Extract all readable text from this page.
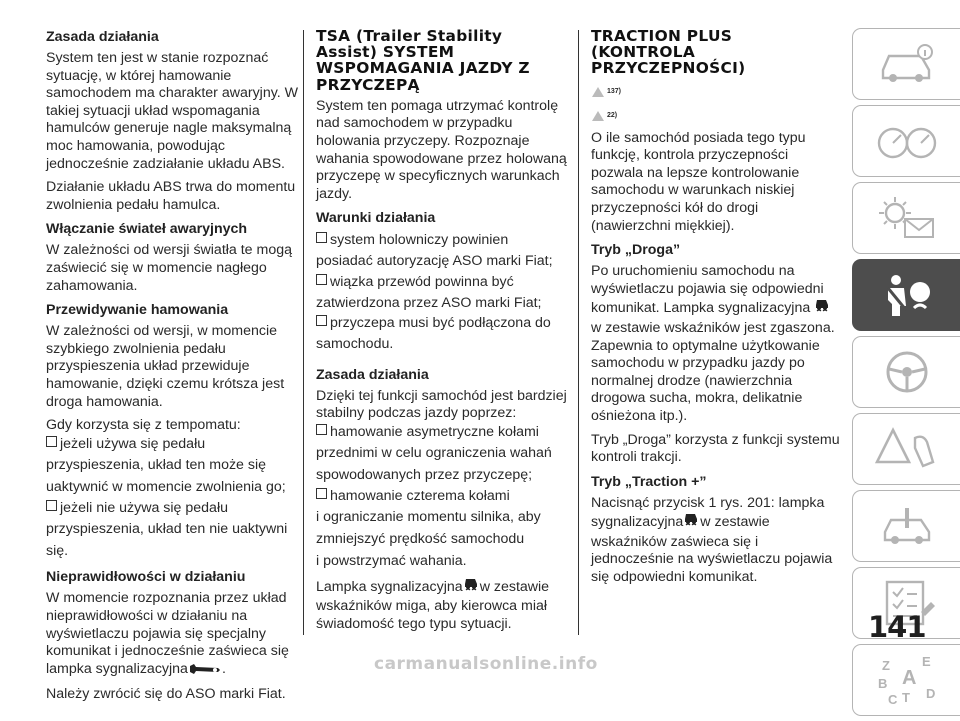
Zasada działania

System ten jest w stanie rozpoznać sytuację, w której hamowanie samochodem ma charakter awaryjny. W takiej sytuacji układ wspomagania hamulców generuje nagle maksymalną moc hamowania, powodując jednocześnie zadziałanie układu ABS.

Działanie układu ABS trwa do momentu zwolnienia pedału hamulca.

Włączanie świateł awaryjnych

W zależności od wersji światła te mogą zaświecić się w momencie nagłego zahamowania.

Przewidywanie hamowania

W zależności od wersji, w momencie szybkiego zwolnienia pedału przyspieszenia układ przewiduje hamowanie, dzięki czemu krótsza jest droga hamowania.

Gdy korzysta się z tempomatu:

jeżeli używa się pedału
przyspieszenia, układ ten może się
uaktywnić w momencie zwolnienia go;
jeżeli nie używa się pedału
przyspieszenia, układ ten nie uaktywni
się.
Nieprawidłowości w działaniu

W momencie rozpoznania przez układ nieprawidłowości w działaniu na wyświetlaczu pojawia się specjalny komunikat i jednocześnie zaświeca się lampka sygnalizacyjna .

Należy zwrócić się do ASO marki Fiat.

TSA (Trailer Stability Assist) SYSTEM WSPOMAGANIA JAZDY Z PRZYCZEPĄ

System ten pomaga utrzymać kontrolę nad samochodem w przypadku holowania przyczepy. Rozpoznaje wahania spowodowane przez holowaną przyczepę w specyficznych warunkach jazdy.

Warunki działania
system holowniczy powinien
posiadać autoryzację ASO marki Fiat;
wiązka przewód powinna być
zatwierdzona przez ASO marki Fiat;
przyczepa musi być podłączona do
samochodu.
Zasada działania

Dzięki tej funkcji samochód jest bardziej stabilny podczas jazdy poprzez:

hamowanie asymetryczne kołami
przednimi w celu ograniczenia wahań
spowodowanych przez przyczepę;
hamowanie czterema kołami
i ograniczanie momentu silnika, aby
zmniejszyć prędkość samochodu
i powstrzymać wahania.

Lampka sygnalizacyjna w zestawie wskaźników miga, aby kierowca miał świadomość tego typu sytuacji.

TRACTION PLUS (KONTROLA PRZYCZEPNOŚCI)
137)
22)

O ile samochód posiada tego typu funkcję, kontrola przyczepności pozwala na lepsze kontrolowanie samochodu w warunkach niskiej przyczepności kół do drogi (nawierzchni miękkiej).

Tryb „Droga”

Po uruchomieniu samochodu na wyświetlaczu pojawia się odpowiedni komunikat. Lampka sygnalizacyjna w zestawie wskaźników jest zgaszona. Zapewnia to optymalne użytkowanie samochodu w przypadku jazdy po normalnej drodze (nawierzchnia drogowa sucha, mokra, delikatnie ośnieżona itp.).

Tryb „Droga” korzysta z funkcji systemu kontroli trakcji.

Tryb „Traction +”

Nacisnąć przycisk 1 rys. 201: lampka sygnalizacyjna w zestawie wskaźników zaświeca się i jednocześnie na wyświetlaczu pojawia się odpowiedni komunikat.

Z E
B A
C T D
141
carmanualsonline.info
